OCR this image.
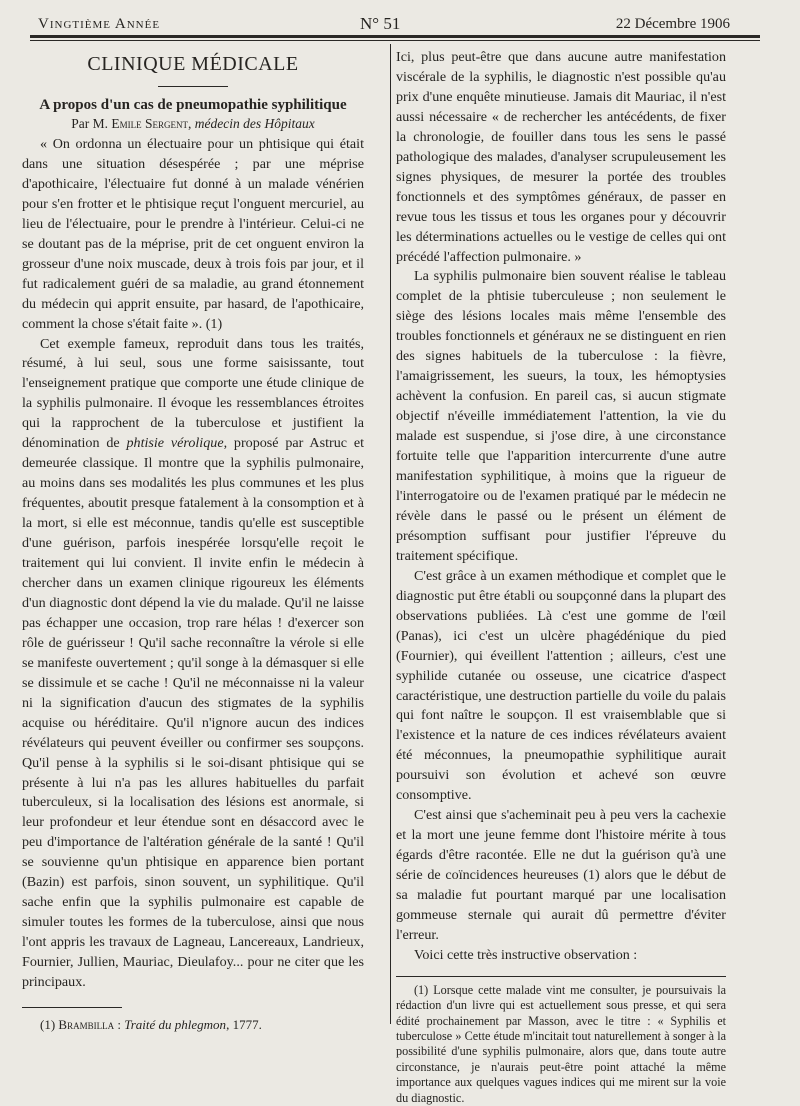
Vingtième Année	N° 51	22 Décembre 1906
CLINIQUE MÉDICALE
A propos d'un cas de pneumopathie syphilitique
Par M. Emile Sergent, médecin des Hôpitaux

« On ordonna un électuaire pour un phtisique qui était dans une situation désespérée ; par une méprise d'apothicaire, l'électuaire fut donné à un malade vénérien pour s'en frotter et le phtisique reçut l'onguent mercuriel, au lieu de l'électuaire, pour le prendre à l'intérieur. Celui-ci ne se doutant pas de la méprise, prit de cet onguent environ la grosseur d'une noix muscade, deux à trois fois par jour, et il fut radicalement guéri de sa maladie, au grand étonnement du médecin qui apprit ensuite, par hasard, de l'apothicaire, comment la chose s'était faite ». (1)

Cet exemple fameux, reproduit dans tous les traités, résumé, à lui seul, sous une forme saisissante, tout l'enseignement pratique que comporte une étude clinique de la syphilis pulmonaire. Il évoque les ressemblances étroites qui la rapprochent de la tuberculose et justifient la dénomination de phtisie vérolique, proposé par Astruc et demeurée classique. Il montre que la syphilis pulmonaire, au moins dans ses modalités les plus communes et les plus fréquentes, aboutit presque fatalement à la consomption et à la mort, si elle est méconnue, tandis qu'elle est susceptible d'une guérison, parfois inespérée lorsqu'elle reçoit le traitement qui lui convient. Il invite enfin le médecin à chercher dans un examen clinique rigoureux les éléments d'un diagnostic dont dépend la vie du malade. Qu'il ne laisse pas échapper une occasion, trop rare hélas ! d'exercer son rôle de guérisseur ! Qu'il sache reconnaître la vérole si elle se manifeste ouvertement ; qu'il songe à la démasquer si elle se dissimule et se cache ! Qu'il ne méconnaisse ni la valeur ni la signification d'aucun des stigmates de la syphilis acquise ou héréditaire. Qu'il n'ignore aucun des indices révélateurs qui peuvent éveiller ou confirmer ses soupçons. Qu'il pense à la syphilis si le soi-disant phtisique qui se présente à lui n'a pas les allures habituelles du parfait tuberculeux, si la localisation des lésions est anormale, si leur profondeur et leur étendue sont en désaccord avec le peu d'importance de l'altération générale de la santé ! Qu'il se souvienne qu'un phtisique en apparence bien portant (Bazin) est parfois, sinon souvent, un syphilitique. Qu'il sache enfin que la syphilis pulmonaire est capable de simuler toutes les formes de la tuberculose, ainsi que nous l'ont appris les travaux de Lagneau, Lancereaux, Landrieux, Fournier, Jullien, Mauriac, Dieulafoy... pour ne citer que les principaux.

(1) Brambilla : Traité du phlegmon, 1777.

Ici, plus peut-être que dans aucune autre manifestation viscérale de la syphilis, le diagnostic n'est possible qu'au prix d'une enquête minutieuse. Jamais dit Mauriac, il n'est aussi nécessaire « de rechercher les antécédents, de fixer la chronologie, de fouiller dans tous les sens le passé pathologique des malades, d'analyser scrupuleusement les signes physiques, de mesurer la portée des troubles fonctionnels et des symptômes généraux, de passer en revue tous les tissus et tous les organes pour y découvrir les déterminations actuelles ou le vestige de celles qui ont précédé l'affection pulmonaire. »

La syphilis pulmonaire bien souvent réalise le tableau complet de la phtisie tuberculeuse ; non seulement le siège des lésions locales mais même l'ensemble des troubles fonctionnels et généraux ne se distinguent en rien des signes habituels de la tuberculose : la fièvre, l'amaigrissement, les sueurs, la toux, les hémoptysies achèvent la confusion. En pareil cas, si aucun stigmate objectif n'éveille immédiatement l'attention, la vie du malade est suspendue, si j'ose dire, à une circonstance fortuite telle que l'apparition intercurrente d'une autre manifestation syphilitique, à moins que la rigueur de l'interrogatoire ou de l'examen pratiqué par le médecin ne révèle dans le passé ou le présent un élément de présomption suffisant pour justifier l'épreuve du traitement spécifique.

C'est grâce à un examen méthodique et complet que le diagnostic put être établi ou soupçonné dans la plupart des observations publiées. Là c'est une gomme de l'œil (Panas), ici c'est un ulcère phagédénique du pied (Fournier), qui éveillent l'attention ; ailleurs, c'est une syphilide cutanée ou osseuse, une cicatrice d'aspect caractéristique, une destruction partielle du voile du palais qui font naître le soupçon. Il est vraisemblable que si l'existence et la nature de ces indices révélateurs avaient été méconnues, la pneumopathie syphilitique aurait poursuivi son évolution et achevé son œuvre consomptive.

C'est ainsi que s'acheminait peu à peu vers la cachexie et la mort une jeune femme dont l'histoire mérite à tous égards d'être racontée. Elle ne dut la guérison qu'à une série de coïncidences heureuses (1) alors que le début de sa maladie fut pourtant marqué par une localisation gommeuse sternale qui aurait dû permettre d'éviter l'erreur.

Voici cette très instructive observation :

(1) Lorsque cette malade vint me consulter, je poursuivais la rédaction d'un livre qui est actuellement sous presse, et qui sera édité prochainement par Masson, avec le titre : « Syphilis et tuberculose » Cette étude m'incitait tout naturellement à songer à la possibilité d'une syphilis pulmonaire, alors que, dans toute autre circonstance, je n'aurais peut-être point attaché la même importance aux quelques vagues indices qui me mirent sur la voie du diagnostic.
